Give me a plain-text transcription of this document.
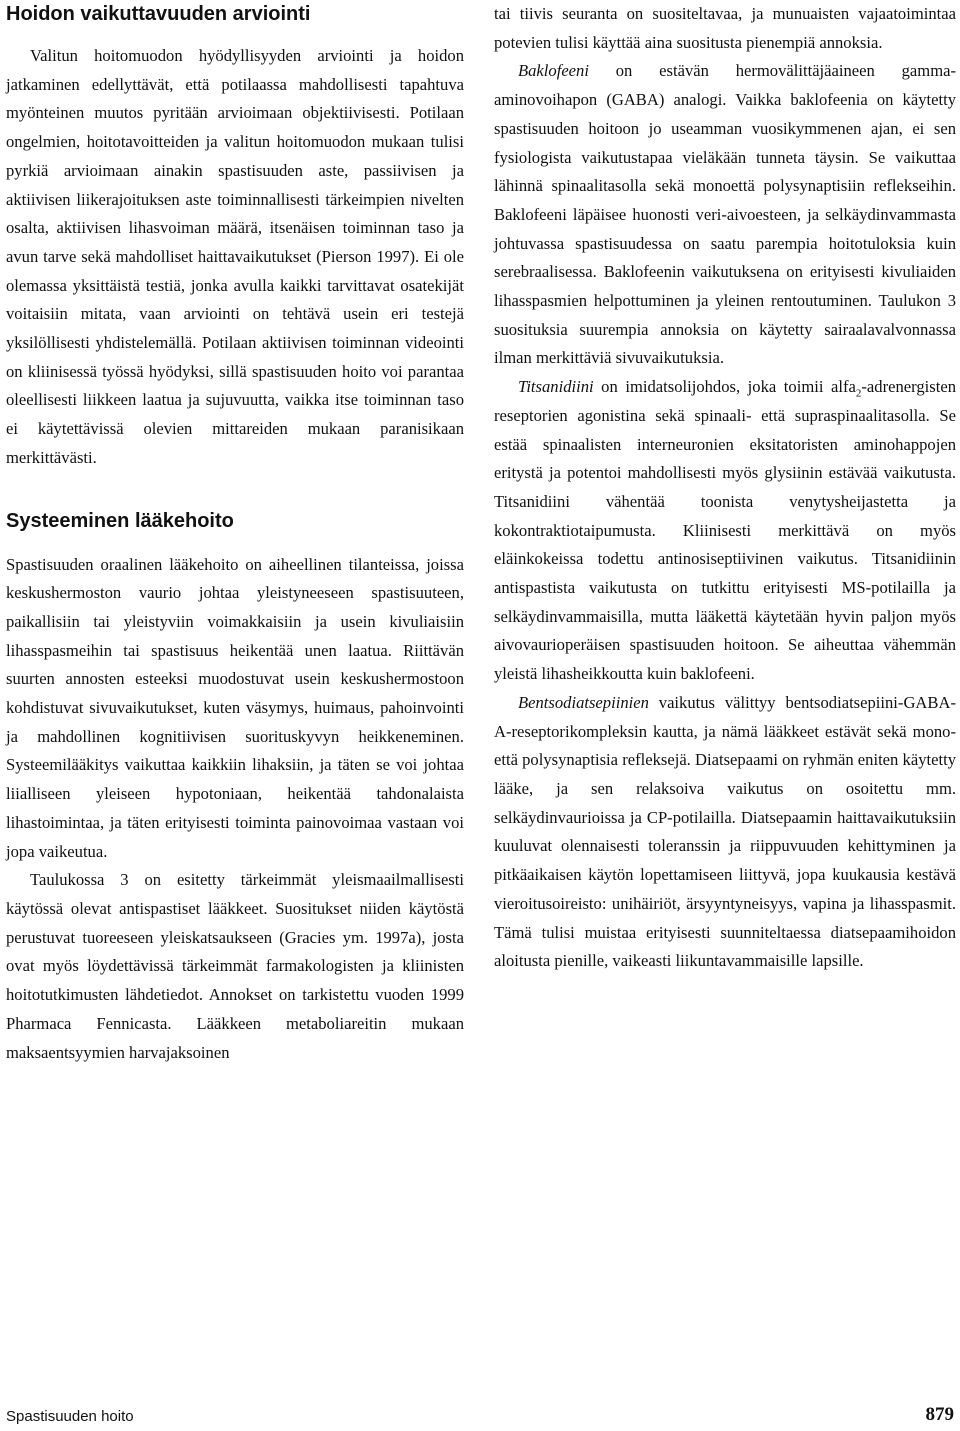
Hoidon vaikuttavuuden arviointi

Valitun hoitomuodon hyödyllisyyden arviointi ja hoidon jatkaminen edellyttävät, että potilaassa mahdollisesti tapahtuva myönteinen muutos pyritään arvioimaan objektiivisesti. Potilaan ongelmien, hoitotavoitteiden ja valitun hoitomuodon mukaan tulisi pyrkiä arvioimaan ainakin spastisuuden aste, passiivisen ja aktiivisen liikerajoituksen aste toiminnallisesti tärkeimpien nivelten osalta, aktiivisen lihasvoiman määrä, itsenäisen toiminnan taso ja avun tarve sekä mahdolliset haittavaikutukset (Pierson 1997). Ei ole olemassa yksittäistä testiä, jonka avulla kaikki tarvittavat osatekijät voitaisiin mitata, vaan arviointi on tehtävä usein eri testejä yksilöllisesti yhdistelemällä. Potilaan aktiivisen toiminnan videointi on kliinisessä työssä hyödyksi, sillä spastisuuden hoito voi parantaa oleellisesti liikkeen laatua ja sujuvuutta, vaikka itse toiminnan taso ei käytettävissä olevien mittareiden mukaan paranisikaan merkittävästi.

Systeeminen lääkehoito

Spastisuuden oraalinen lääkehoito on aiheellinen tilanteissa, joissa keskushermoston vaurio johtaa yleistyneeseen spastisuuteen, paikallisiin tai yleistyviin voimakkaisiin ja usein kivuliaisiin lihasspasmeihin tai spastisuus heikentää unen laatua. Riittävän suurten annosten esteeksi muodostuvat usein keskushermostoon kohdistuvat sivuvaikutukset, kuten väsymys, huimaus, pahoinvointi ja mahdollinen kognitiivisen suorituskyvyn heikkeneminen. Systeemilääkitys vaikuttaa kaikkiin lihaksiin, ja täten se voi johtaa liialliseen yleiseen hypotoniaan, heikentää tahdonalaista lihastoimintaa, ja täten erityisesti toiminta painovoimaa vastaan voi jopa vaikeutua.

Taulukossa 3 on esitetty tärkeimmät yleismaailmallisesti käytössä olevat antispastiset lääkkeet. Suositukset niiden käytöstä perustuvat tuoreeseen yleiskatsaukseen (Gracies ym. 1997a), josta ovat myös löydettävissä tärkeimmät farmakologisten ja kliinisten hoitotutkimusten lähdetiedot. Annokset on tarkistettu vuoden 1999 Pharmaca Fennicasta. Lääkkeen metaboliareitin mukaan maksaentsyymien harvajaksoinen

tai tiivis seuranta on suositeltavaa, ja munuaisten vajaatoimintaa potevien tulisi käyttää aina suositusta pienempiä annoksia.

Baklofeeni on estävän hermovälittäjäaineen gamma-aminovoihapon (GABA) analogi. Vaikka baklofeenia on käytetty spastisuuden hoitoon jo useamman vuosikymmenen ajan, ei sen fysiologista vaikutustapaa vieläkään tunneta täysin. Se vaikuttaa lähinnä spinaalitasolla sekä monoettä polysynaptisiin reflekseihin. Baklofeeni läpäisee huonosti veri-aivoesteen, ja selkäydinvammasta johtuvassa spastisuudessa on saatu parempia hoitotuloksia kuin serebraalisessa. Baklofeenin vaikutuksena on erityisesti kivuliaiden lihasspasmien helpottuminen ja yleinen rentoutuminen. Taulukon 3 suosituksia suurempia annoksia on käytetty sairaalavalvonnassa ilman merkittäviä sivuvaikutuksia.

Titsanidiini on imidatsolijohdos, joka toimii alfa$_2$-adrenergisten reseptorien agonistina sekä spinaali- että supraspinaalitasolla. Se estää spinaalisten interneuronien eksitatoristen aminohappojen eritystä ja potentoi mahdollisesti myös glysiinin estävää vaikutusta. Titsanidiini vähentää toonista venytysheijastetta ja kokontraktiotaipumusta. Kliinisesti merkittävä on myös eläinkokeissa todettu antinosiseptiivinen vaikutus. Titsanidiinin antispastista vaikutusta on tutkittu erityisesti MS-potilailla ja selkäydinvammaisilla, mutta lääkettä käytetään hyvin paljon myös aivovaurioperäisen spastisuuden hoitoon. Se aiheuttaa vähemmän yleistä lihasheikkoutta kuin baklofeeni.

Bentsodiatsepiinien vaikutus välittyy bentsodiatsepiini-GABA-A-reseptorikompleksin kautta, ja nämä lääkkeet estävät sekä mono- että polysynaptisia refleksejä. Diatsepaami on ryhmän eniten käytetty lääke, ja sen relaksoiva vaikutus on osoitettu mm. selkäydinvaurioissa ja CP-potilailla. Diatsepaamin haittavaikutuksiin kuuluvat olennaisesti toleranssin ja riippuvuuden kehittyminen ja pitkäaikaisen käytön lopettamiseen liittyvä, jopa kuukausia kestävä vieroitusoireisto: unihäiriöt, ärsyyntyneisyys, vapina ja lihasspasmit. Tämä tulisi muistaa erityisesti suunniteltaessa diatsepaamihoidon aloitusta pienille, vaikeasti liikuntavammaisille lapsille.

Spastisuuden hoito	879
